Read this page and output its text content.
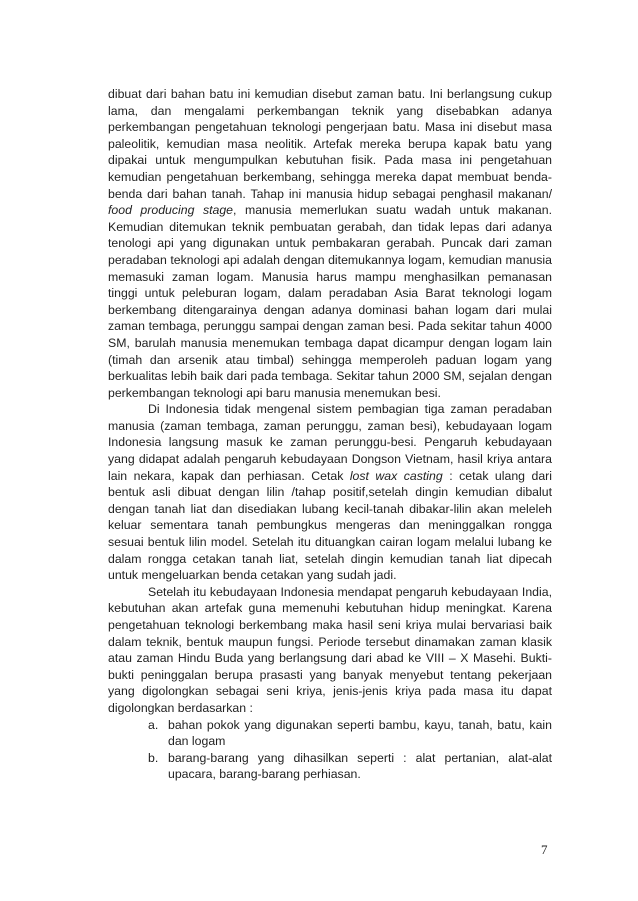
dibuat dari bahan batu ini kemudian disebut zaman batu. Ini berlangsung cukup lama, dan mengalami perkembangan teknik yang disebabkan adanya perkembangan pengetahuan teknologi pengerjaan batu. Masa ini disebut masa paleolitik, kemudian masa neolitik. Artefak mereka berupa kapak batu yang dipakai untuk mengumpulkan kebutuhan fisik. Pada masa ini pengetahuan kemudian pengetahuan berkembang, sehingga mereka dapat membuat benda-benda dari bahan tanah. Tahap ini manusia hidup sebagai penghasil makanan/ food producing stage, manusia memerlukan suatu wadah untuk makanan. Kemudian ditemukan teknik pembuatan gerabah, dan tidak lepas dari adanya tenologi api yang digunakan untuk pembakaran gerabah. Puncak dari zaman peradaban teknologi api adalah dengan ditemukannya logam, kemudian manusia memasuki zaman logam. Manusia harus mampu menghasilkan pemanasan tinggi untuk peleburan logam, dalam peradaban Asia Barat teknologi logam berkembang ditengarainya dengan adanya dominasi bahan logam dari mulai zaman tembaga, perunggu sampai dengan zaman besi. Pada sekitar tahun 4000 SM, barulah manusia menemukan tembaga dapat dicampur dengan logam lain (timah dan arsenik atau timbal) sehingga memperoleh paduan logam yang berkualitas lebih baik dari pada tembaga. Sekitar tahun 2000 SM, sejalan dengan perkembangan teknologi api baru manusia menemukan besi.

Di Indonesia tidak mengenal sistem pembagian tiga zaman peradaban manusia (zaman tembaga, zaman perunggu, zaman besi), kebudayaan logam Indonesia langsung masuk ke zaman perunggu-besi. Pengaruh kebudayaan yang didapat adalah pengaruh kebudayaan Dongson Vietnam, hasil kriya antara lain nekara, kapak dan perhiasan. Cetak lost wax casting : cetak ulang dari bentuk asli dibuat dengan lilin /tahap positif,setelah dingin kemudian dibalut dengan tanah liat dan disediakan lubang kecil-tanah dibakar-lilin akan meleleh keluar sementara tanah pembungkus mengeras dan meninggalkan rongga sesuai bentuk lilin model. Setelah itu dituangkan cairan logam melalui lubang ke dalam rongga cetakan tanah liat, setelah dingin kemudian tanah liat dipecah untuk mengeluarkan benda cetakan yang sudah jadi.

Setelah itu kebudayaan Indonesia mendapat pengaruh kebudayaan India, kebutuhan akan artefak guna memenuhi kebutuhan hidup meningkat. Karena pengetahuan teknologi berkembang maka hasil seni kriya mulai bervariasi baik dalam teknik, bentuk maupun fungsi. Periode tersebut dinamakan zaman klasik atau zaman Hindu Buda yang berlangsung dari abad ke VIII – X Masehi. Bukti-bukti peninggalan berupa prasasti yang banyak menyebut tentang pekerjaan yang digolongkan sebagai seni kriya, jenis-jenis kriya pada masa itu dapat digolongkan berdasarkan :

a. bahan pokok yang digunakan seperti bambu, kayu, tanah, batu, kain dan logam
b. barang-barang yang dihasilkan seperti : alat pertanian, alat-alat upacara, barang-barang perhiasan.
7
